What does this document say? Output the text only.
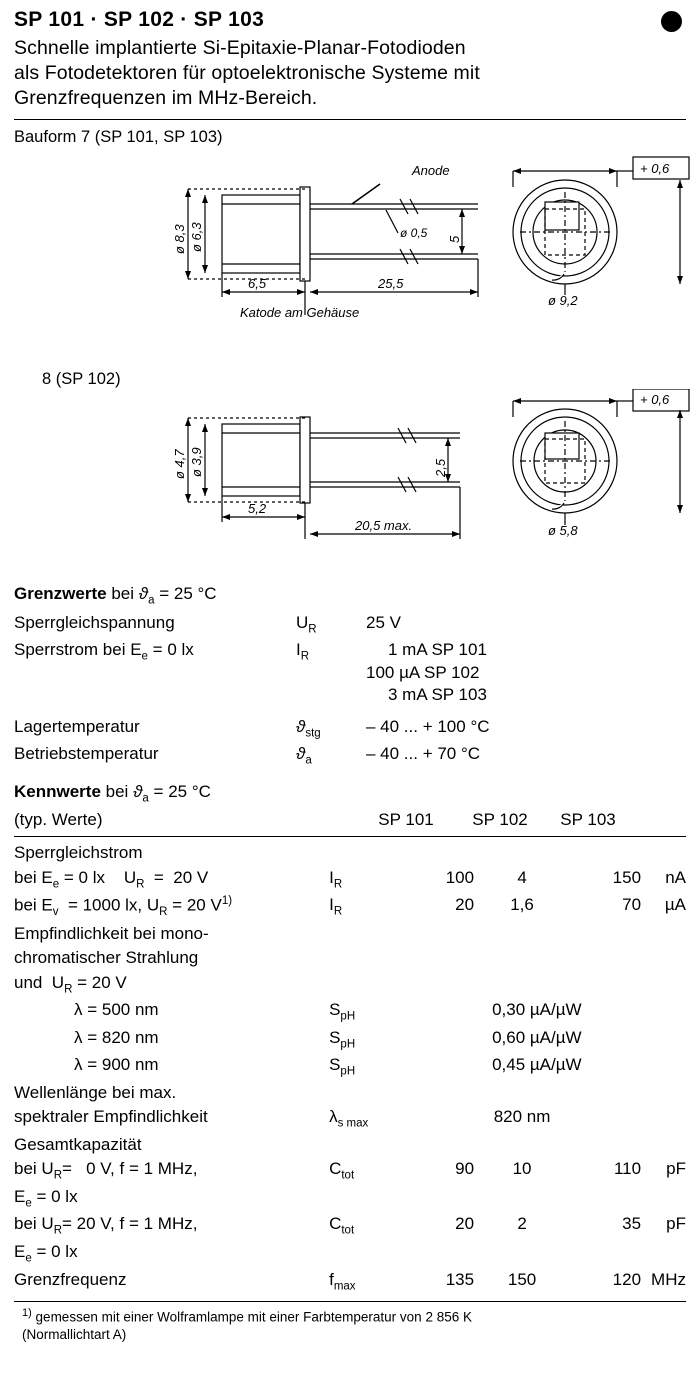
SP 101 · SP 102 · SP 103
Schnelle implantierte Si-Epitaxie-Planar-Fotodioden
als Fotodetektoren für optoelektronische Systeme mit
Grenzfrequenzen im MHz-Bereich.
Bauform 7 (SP 101, SP 103)
Anode
ø 8,3 ø 6,3
6,5	25,5
ø 0,5 5
Katode am Gehäuse
+ 0,6
ø 9,2
8 (SP 102)
ø 4,7 ø 3,9
5,2
20,5 max.
2,5
+ 0,6
ø 5,8
Grenzwerte bei $ϑ_a = 25$ °C
Sperrgleichspannung	$U_R$	25 V
Sperrstrom bei $E_e = 0$ lx	$I_R$	1 mA SP 101
100 µA SP 102
3 mA SP 103

Lagertemperatur	$ϑ_{stg}$	– 40 ... + 100 °C
Betriebstemperatur	$ϑ_a$	– 40 ... + 70 °C
Kennwerte bei $ϑ_a = 25$ °C
(typ. Werte)		SP 101	SP 102	SP 103	
Sperrgleichstrom					
bei $E_e = 0$ lx    $U_R = 20$ V	$I_R$	100	4	150	nA
bei $E_v = 1000$ lx, $U_R = 20$ $V^{1)}$	$I_R$	20	1,6	70	µA
Empfindlichkeit bei mono-					
chromatischer Strahlung					
und  $U_R = 20$ V					
λ = 500 nm	$S_{pH}$		0,30 µA/µW		
λ = 820 nm	$S_{pH}$		0,60 µA/µW		
λ = 900 nm	$S_{pH}$		0,45 µA/µW		
Wellenlänge bei max.					
spektraler Empfindlichkeit	$\lambda_{s max}$		820 nm		
Gesamtkapazität					
bei $U_R= 0$ V, f = 1 MHz,	$C_{tot}$	90	10	110	pF
$E_e = 0$ lx					
bei $U_R= 20$ V, f = 1 MHz,	$C_{tot}$	20	2	35	pF
$E_e = 0$ lx					
Grenzfrequenz	$f_{max}$	135	150	120	MHz
$^{1)}$ gemessen mit einer Wolframlampe mit einer Farbtemperatur von 2 856 K
(Normallichtart A)
